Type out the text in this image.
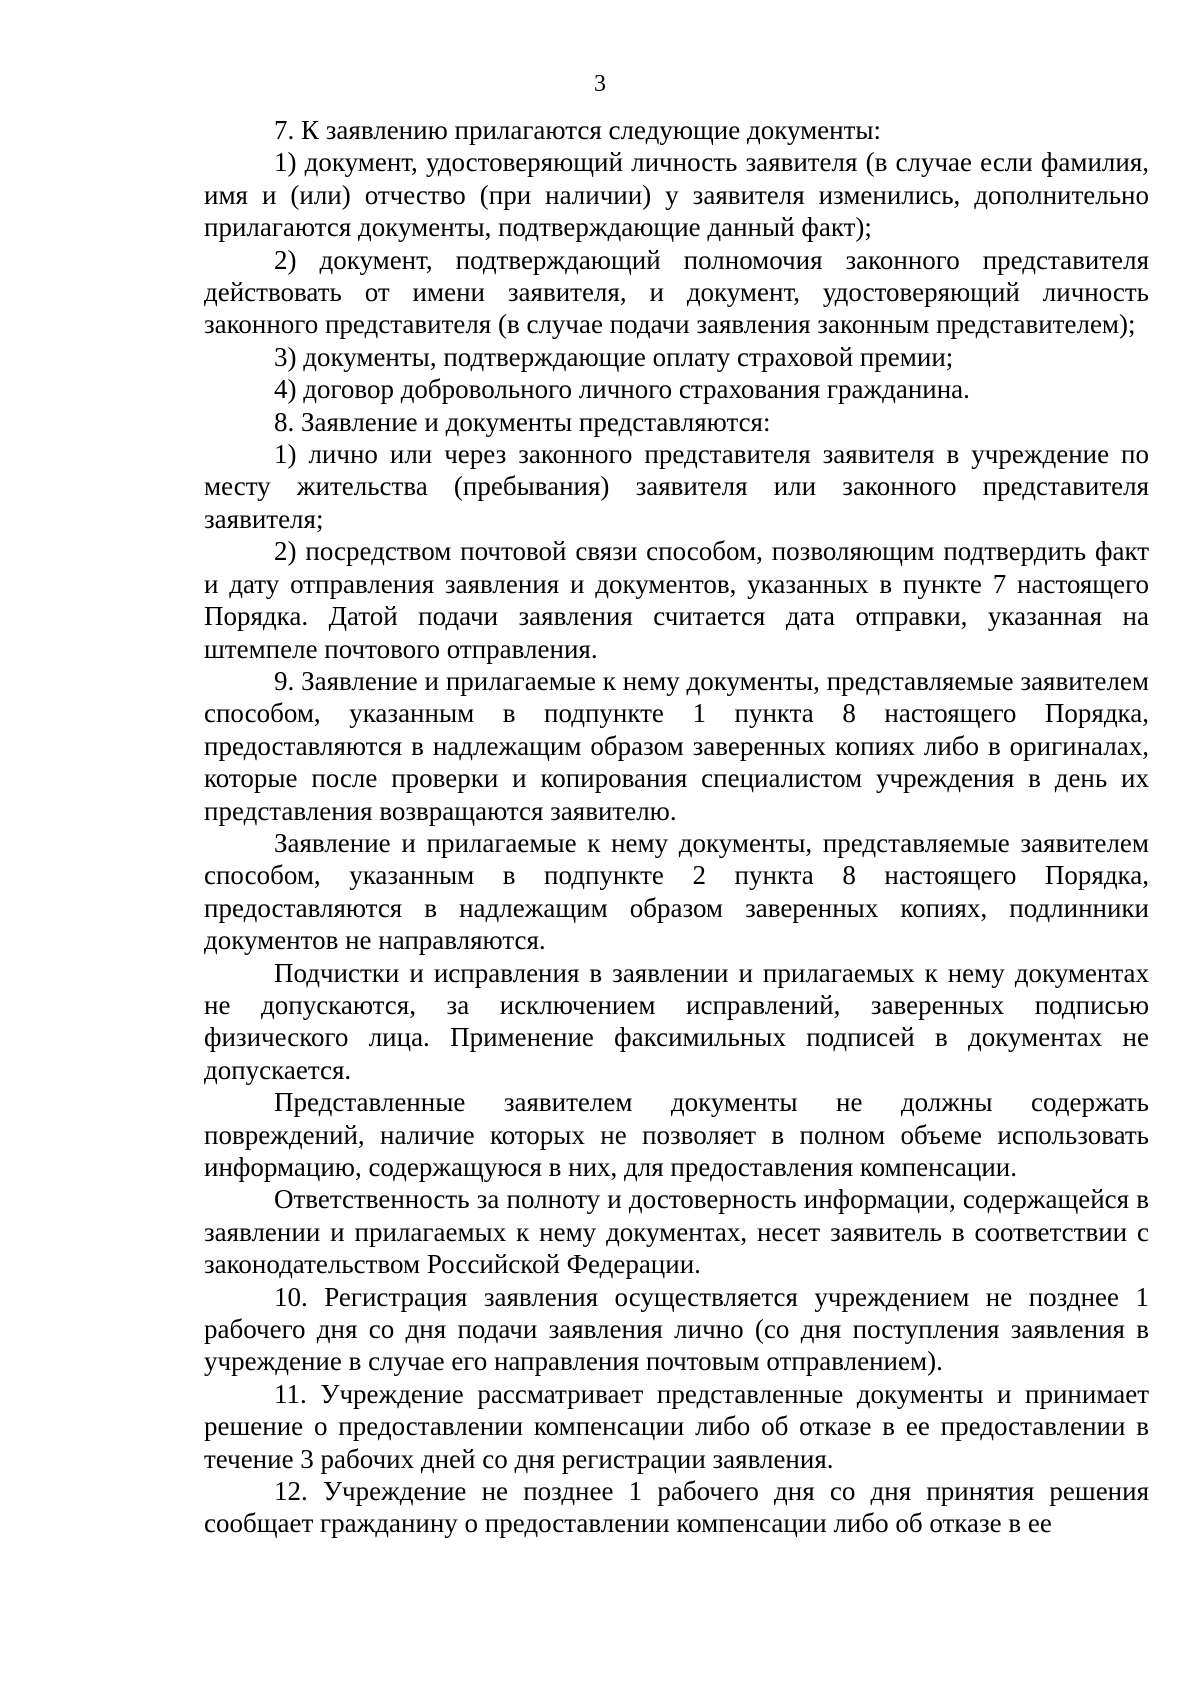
3

7. К заявлению прилагаются следующие документы:

1) документ, удостоверяющий личность заявителя (в случае если фамилия, имя и (или) отчество (при наличии) у заявителя изменились, дополнительно прилагаются документы, подтверждающие данный факт);

2) документ, подтверждающий полномочия законного представителя действовать от имени заявителя, и документ, удостоверяющий личность законного представителя (в случае подачи заявления законным представителем);

3) документы, подтверждающие оплату страховой премии;

4) договор добровольного личного страхования гражданина.

8. Заявление и документы представляются:

1) лично или через законного представителя заявителя в учреждение по месту жительства (пребывания) заявителя или законного представителя заявителя;

2) посредством почтовой связи способом, позволяющим подтвердить факт и дату отправления заявления и документов, указанных в пункте 7 настоящего Порядка. Датой подачи заявления считается дата отправки, указанная на штемпеле почтового отправления.

9. Заявление и прилагаемые к нему документы, представляемые заявителем способом, указанным в подпункте 1 пункта 8 настоящего Порядка, предоставляются в надлежащим образом заверенных копиях либо в оригиналах, которые после проверки и копирования специалистом учреждения в день их представления возвращаются заявителю.

Заявление и прилагаемые к нему документы, представляемые заявителем способом, указанным в подпункте 2 пункта 8 настоящего Порядка, предоставляются в надлежащим образом заверенных копиях, подлинники документов не направляются.

Подчистки и исправления в заявлении и прилагаемых к нему документах не допускаются, за исключением исправлений, заверенных подписью физического лица. Применение факсимильных подписей в документах не допускается.

Представленные заявителем документы не должны содержать повреждений, наличие которых не позволяет в полном объеме использовать информацию, содержащуюся в них, для предоставления компенсации.

Ответственность за полноту и достоверность информации, содержащейся в заявлении и прилагаемых к нему документах, несет заявитель в соответствии с законодательством Российской Федерации.

10. Регистрация заявления осуществляется учреждением не позднее 1 рабочего дня со дня подачи заявления лично (со дня поступления заявления в учреждение в случае его направления почтовым отправлением).

11. Учреждение рассматривает представленные документы и принимает решение о предоставлении компенсации либо об отказе в ее предоставлении в течение 3 рабочих дней со дня регистрации заявления.

12. Учреждение не позднее 1 рабочего дня со дня принятия решения сообщает гражданину о предоставлении компенсации либо об отказе в ее
